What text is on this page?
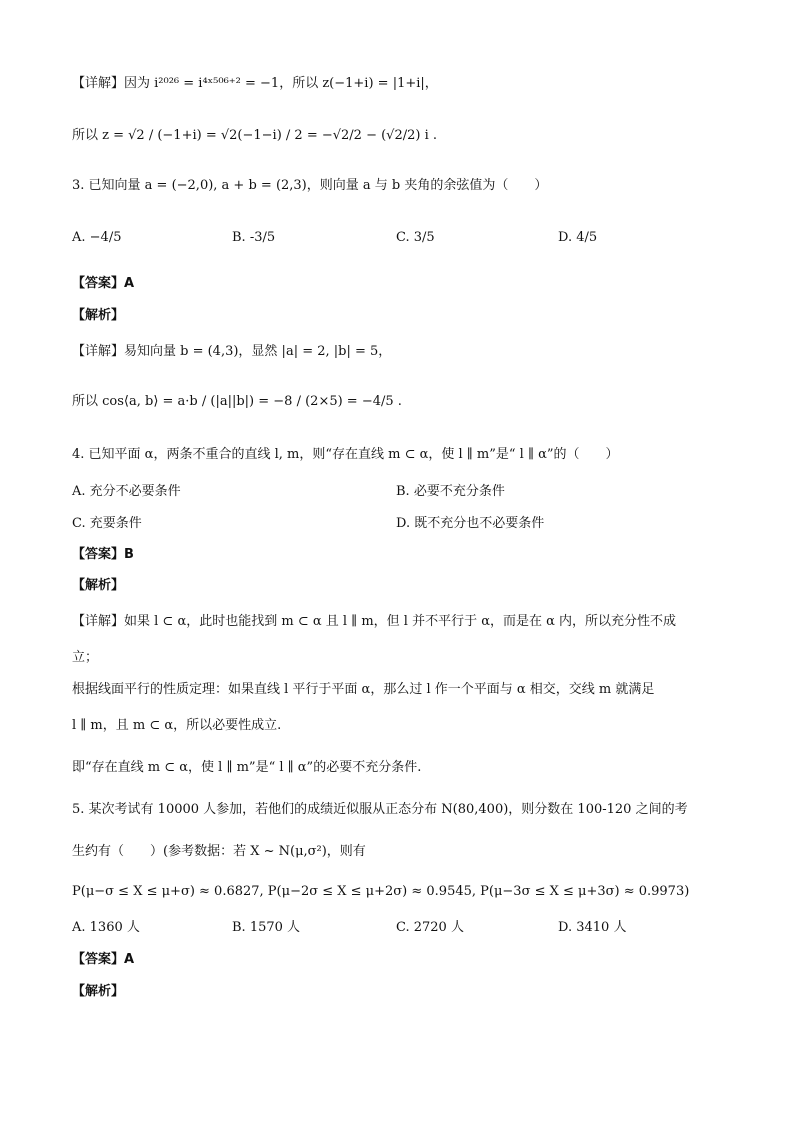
【详解】因为 i²⁰²⁶ = i⁴ˣ⁵⁰⁶⁺² = −1，所以 z(−1+i) = |1+i|，
所以 z = √2 / (−1+i) = √2(−1−i) / 2 = −√2/2 − (√2/2) i .
3. 已知向量 a = (−2,0), a + b = (2,3)，则向量 a 与 b 夹角的余弦值为（　　）
A. −4/5	B. -3/5	C. 3/5	D. 4/5
【答案】A
【解析】
【详解】易知向量 b = (4,3)，显然 |a| = 2, |b| = 5，
所以 cos⟨a, b⟩ = a·b / (|a||b|) = −8 / (2×5) = −4/5 .
4. 已知平面 α，两条不重合的直线 l, m，则“存在直线 m ⊂ α，使 l ∥ m”是“ l ∥ α”的（　　）
A. 充分不必要条件	B. 必要不充分条件
C. 充要条件	D. 既不充分也不必要条件
【答案】B
【解析】
【详解】如果 l ⊂ α，此时也能找到 m ⊂ α 且 l ∥ m，但 l 并不平行于 α，而是在 α 内，所以充分性不成
立；
根据线面平行的性质定理：如果直线 l 平行于平面 α，那么过 l 作一个平面与 α 相交，交线 m 就满足
l ∥ m，且 m ⊂ α，所以必要性成立.
即“存在直线 m ⊂ α，使 l ∥ m”是“ l ∥ α”的必要不充分条件.
5. 某次考试有 10000 人参加，若他们的成绩近似服从正态分布 N(80,400)，则分数在 100-120 之间的考
生约有（　　）(参考数据：若 X ~ N(μ,σ²)，则有
P(μ−σ ≤ X ≤ μ+σ) ≈ 0.6827, P(μ−2σ ≤ X ≤ μ+2σ) ≈ 0.9545, P(μ−3σ ≤ X ≤ μ+3σ) ≈ 0.9973)
A. 1360 人	B. 1570 人	C. 2720 人	D. 3410 人
【答案】A
【解析】
